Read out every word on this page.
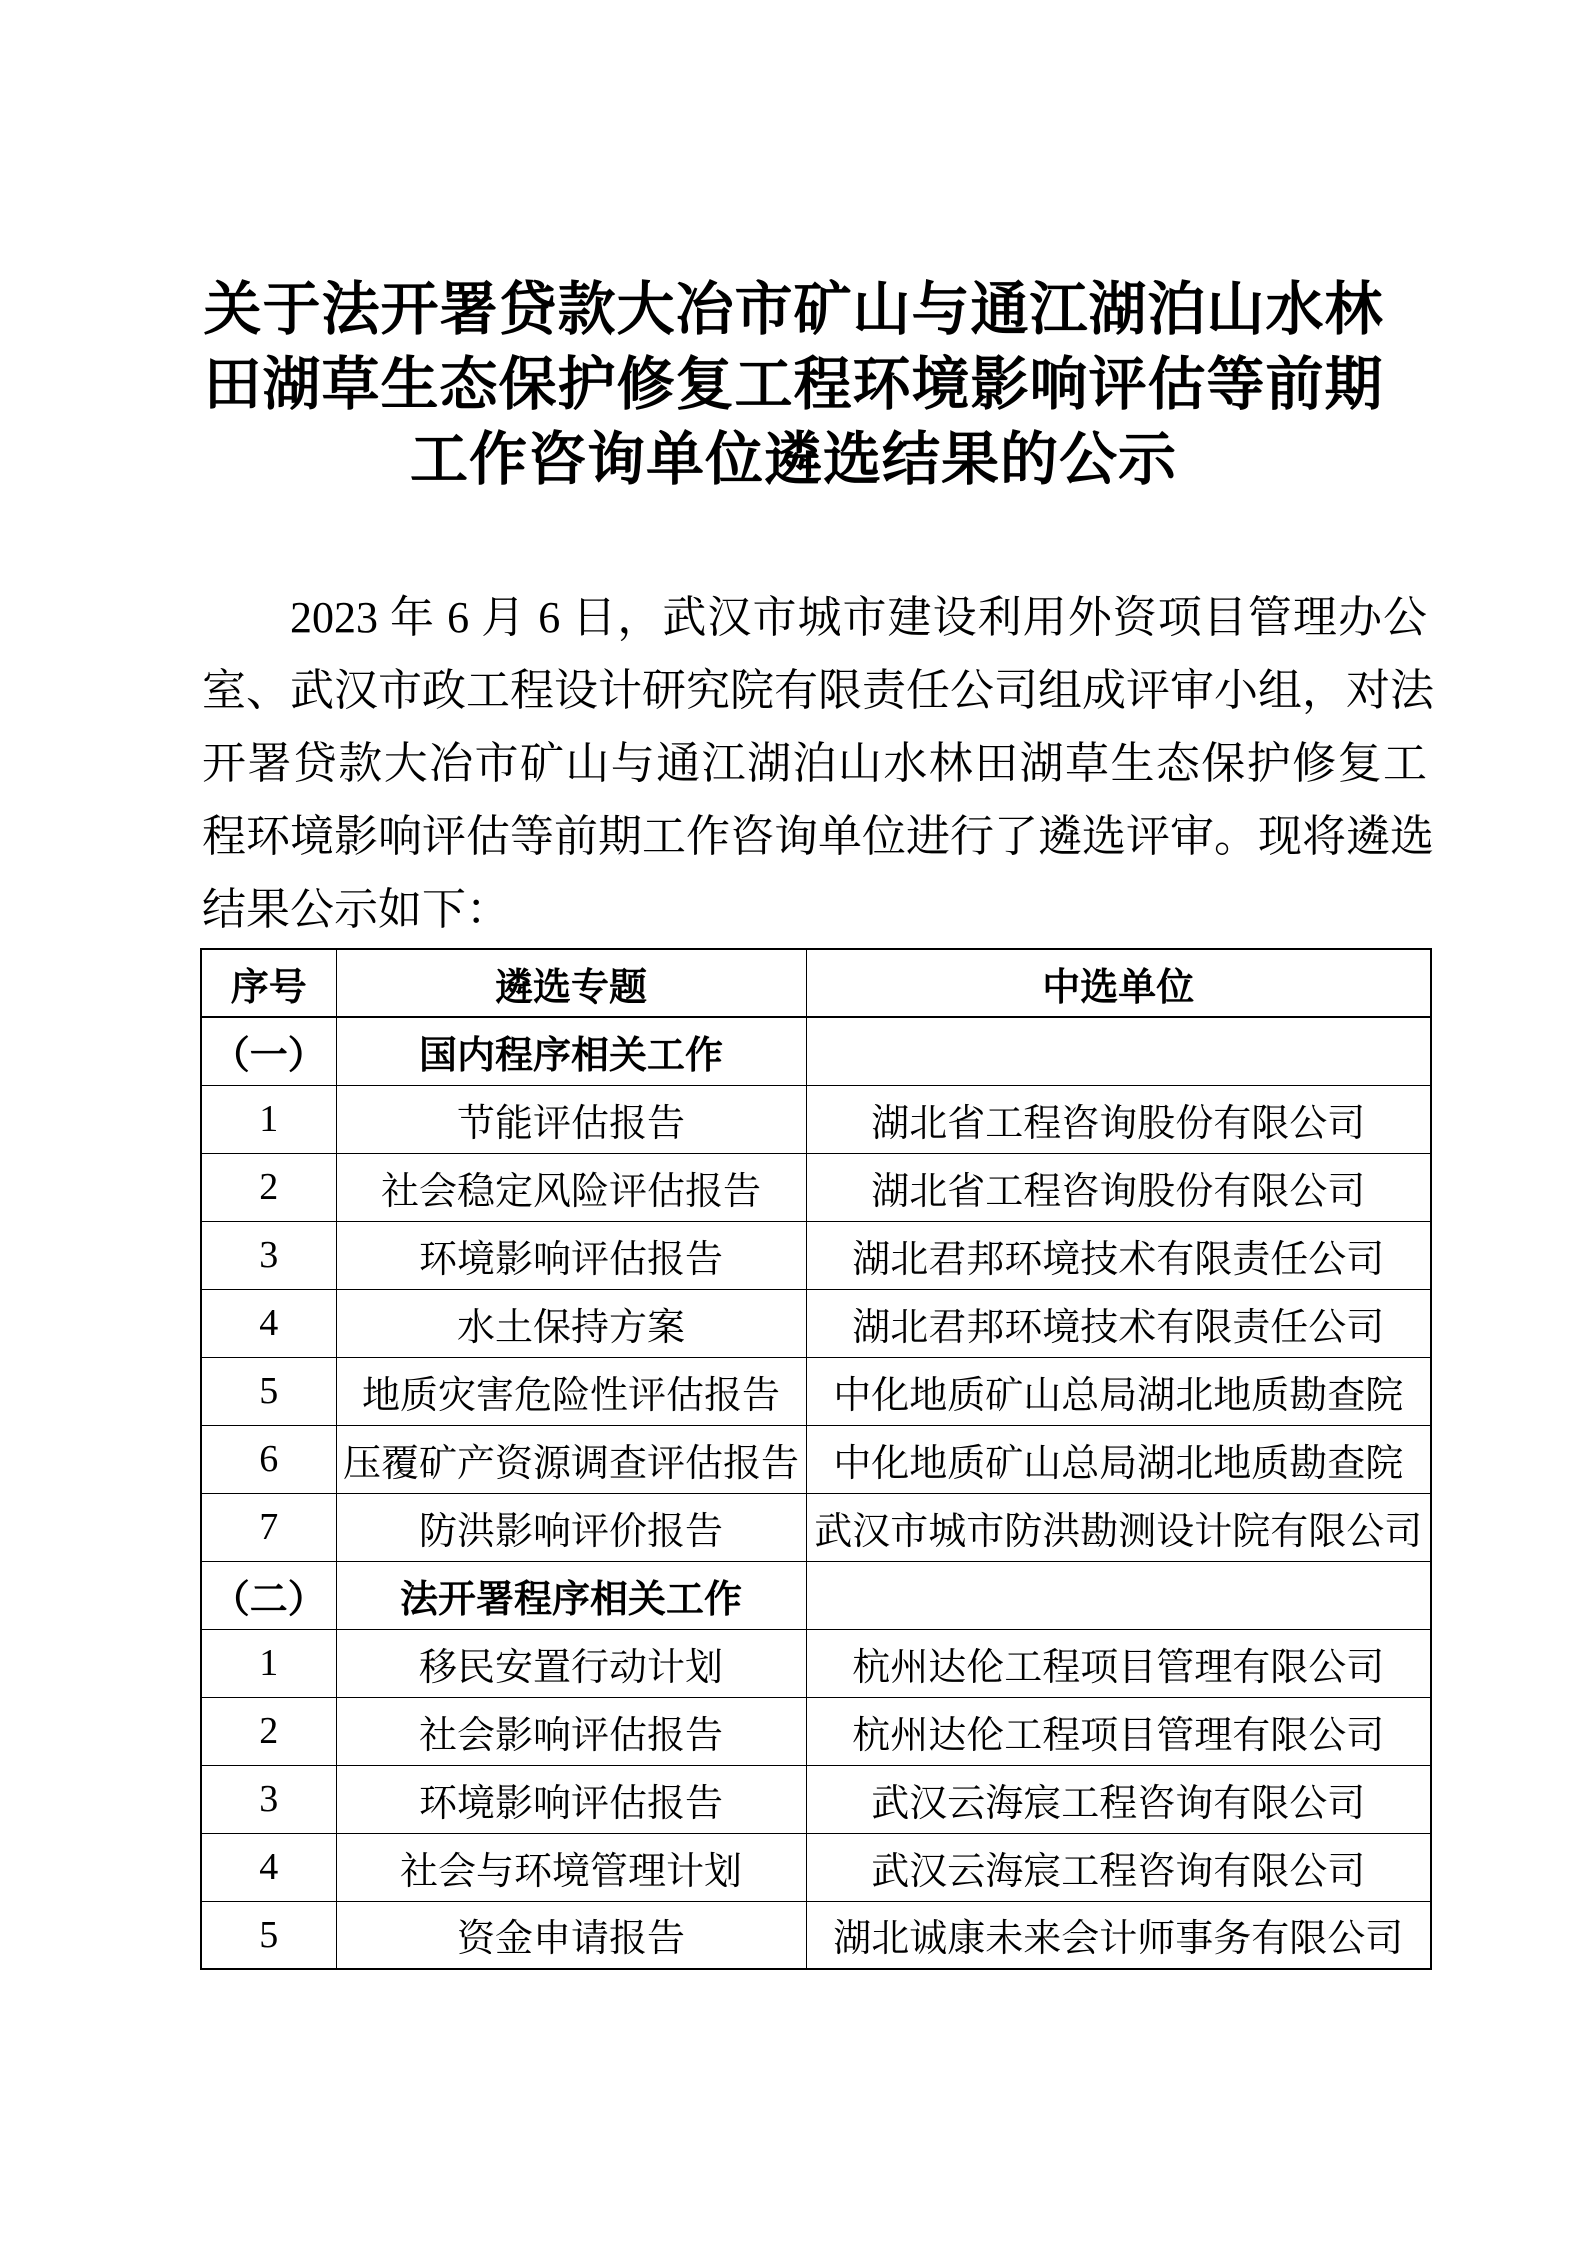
关于法开署贷款大冶市矿山与通江湖泊山水林
田湖草生态保护修复工程环境影响评估等前期
工作咨询单位遴选结果的公示
2023 年 6 月 6 日，武汉市城市建设利用外资项目管理办公
室、武汉市政工程设计研究院有限责任公司组成评审小组，对法
开署贷款大冶市矿山与通江湖泊山水林田湖草生态保护修复工
程环境影响评估等前期工作咨询单位进行了遴选评审。现将遴选
结果公示如下：
序号	遴选专题	中选单位
（一）	国内程序相关工作	
1	节能评估报告	湖北省工程咨询股份有限公司
2	社会稳定风险评估报告	湖北省工程咨询股份有限公司
3	环境影响评估报告	湖北君邦环境技术有限责任公司
4	水土保持方案	湖北君邦环境技术有限责任公司
5	地质灾害危险性评估报告	中化地质矿山总局湖北地质勘查院
6	压覆矿产资源调查评估报告	中化地质矿山总局湖北地质勘查院
7	防洪影响评价报告	武汉市城市防洪勘测设计院有限公司
（二）	法开署程序相关工作	
1	移民安置行动计划	杭州达伦工程项目管理有限公司
2	社会影响评估报告	杭州达伦工程项目管理有限公司
3	环境影响评估报告	武汉云海宸工程咨询有限公司
4	社会与环境管理计划	武汉云海宸工程咨询有限公司
5	资金申请报告	湖北诚康未来会计师事务有限公司
